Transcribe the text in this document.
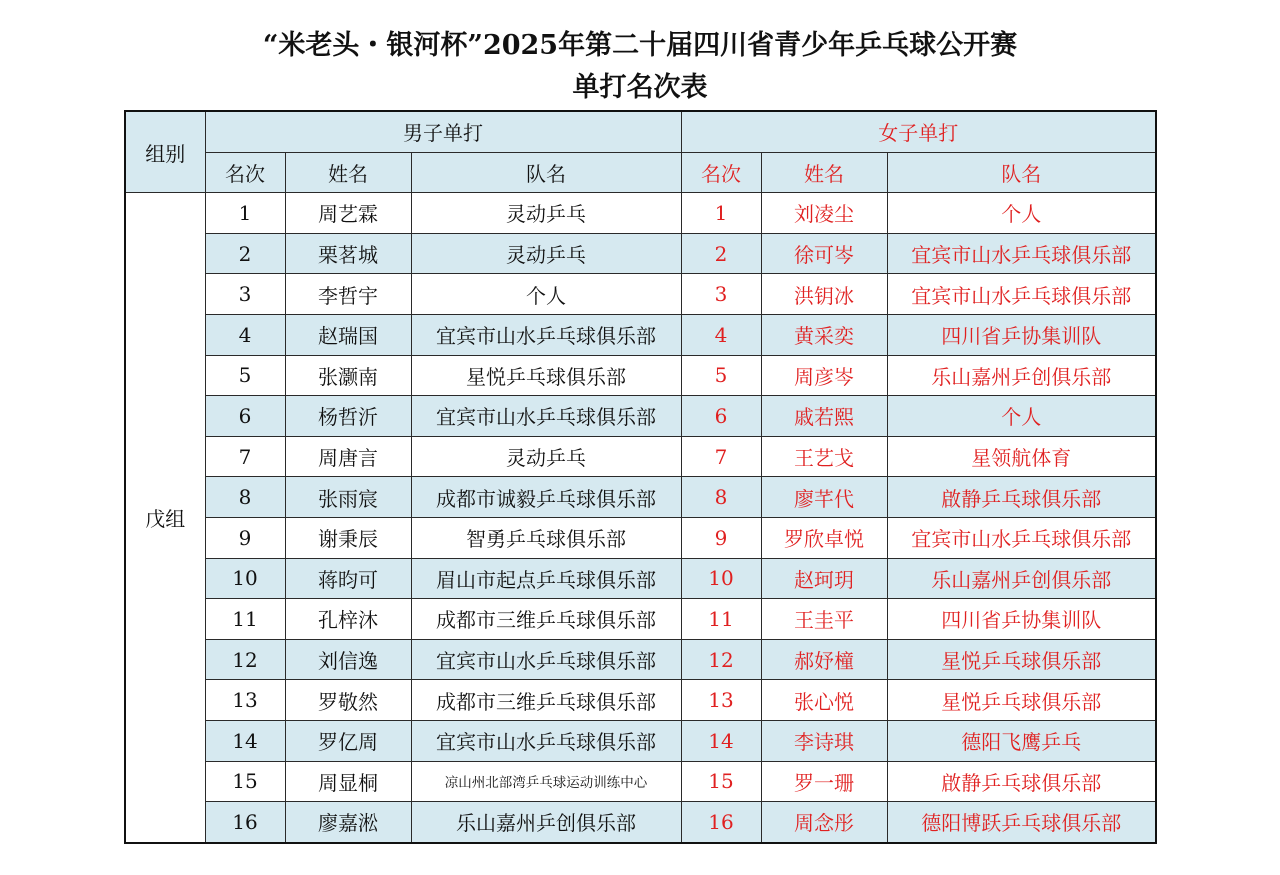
“米老头・银河杯”2025年第二十届四川省青少年乒乓球公开赛
单打名次表
组别	男子单打			女子单打		
	名次	姓名	队名	名次	姓名	队名
戊组	1	周艺霖	灵动乒乓	1	刘凌尘	个人
	2	栗茗城	灵动乒乓	2	徐可岑	宜宾市山水乒乓球俱乐部
	3	李哲宇	个人	3	洪钥冰	宜宾市山水乒乓球俱乐部
	4	赵瑞国	宜宾市山水乒乓球俱乐部	4	黄采奕	四川省乒协集训队
	5	张灏南	星悦乒乓球俱乐部	5	周彦岑	乐山嘉州乒创俱乐部
	6	杨哲沂	宜宾市山水乒乓球俱乐部	6	戚若熙	个人
	7	周唐言	灵动乒乓	7	王艺戈	星领航体育
	8	张雨宸	成都市诚毅乒乓球俱乐部	8	廖芊代	啟静乒乓球俱乐部
	9	谢秉辰	智勇乒乓球俱乐部	9	罗欣卓悦	宜宾市山水乒乓球俱乐部
	10	蒋昀可	眉山市起点乒乓球俱乐部	10	赵珂玥	乐山嘉州乒创俱乐部
	11	孔梓沐	成都市三维乒乓球俱乐部	11	王圭平	四川省乒协集训队
	12	刘信逸	宜宾市山水乒乓球俱乐部	12	郝妤橦	星悦乒乓球俱乐部
	13	罗敬然	成都市三维乒乓球俱乐部	13	张心悦	星悦乒乓球俱乐部
	14	罗亿周	宜宾市山水乒乓球俱乐部	14	李诗琪	德阳飞鹰乒乓
	15	周显桐	凉山州北部湾乒乓球运动训练中心	15	罗一珊	啟静乒乓球俱乐部
	16	廖嘉淞	乐山嘉州乒创俱乐部	16	周念彤	德阳博跃乒乓球俱乐部
